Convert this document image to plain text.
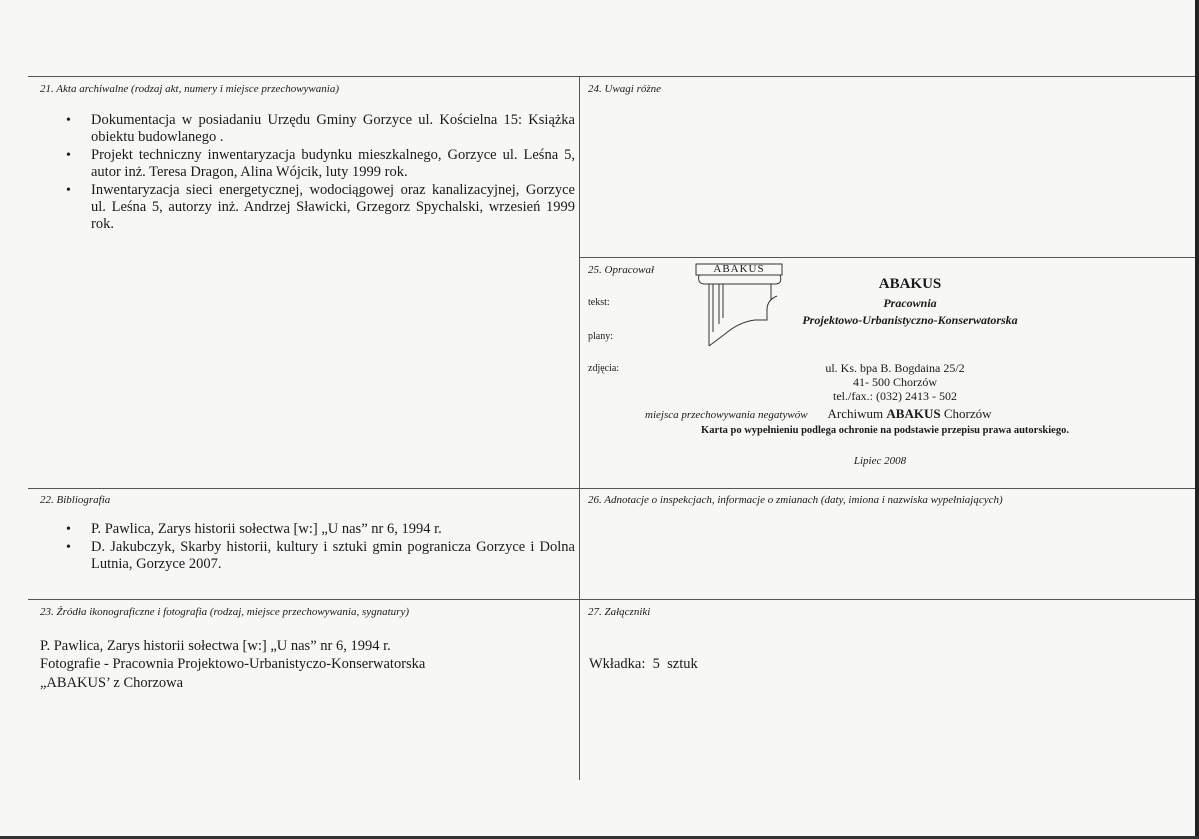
21. Akta archiwalne (rodzaj akt, numery i miejsce przechowywania)
• Dokumentacja w posiadaniu Urzędu Gminy Gorzyce ul. Kościelna 15: Książka obiektu budowlanego .
• Projekt techniczny inwentaryzacja budynku mieszkalnego, Gorzyce ul. Leśna 5, autor inż. Teresa Dragon, Alina Wójcik, luty 1999 rok.
• Inwentaryzacja sieci energetycznej, wodociągowej oraz kanalizacyjnej, Gorzyce ul. Leśna 5, autorzy inż. Andrzej Sławicki, Grzegorz Spychalski, wrzesień 1999 rok.
24. Uwagi różne
25. Opracował
tekst:
plany:
zdjęcia:
ABAKUS
ABAKUS
Pracownia
Projektowo-Urbanistyczno-Konserwatorska
ul. Ks. bpa B. Bogdaina 25/2
41- 500 Chorzów
tel./fax.: (032) 2413 - 502
miejsca przechowywania negatywów Archiwum ABAKUS Chorzów
Karta po wypełnieniu podlega ochronie na podstawie przepisu prawa autorskiego.
Lipiec 2008
22. Bibliografia
• P. Pawlica, Zarys historii sołectwa [w:] „U nas” nr 6, 1994 r.
• D. Jakubczyk, Skarby historii, kultury i sztuki gmin pogranicza Gorzyce i Dolna Lutnia, Gorzyce 2007.
26. Adnotacje o inspekcjach, informacje o zmianach (daty, imiona i nazwiska wypełniających)
23. Źródła ikonograficzne i fotografia (rodzaj, miejsce przechowywania, sygnatury)
P. Pawlica, Zarys historii sołectwa [w:] „U nas” nr 6, 1994 r.
Fotografie - Pracownia Projektowo-Urbanistyczo-Konserwatorska
„ABAKUS’ z Chorzowa
27. Załączniki
Wkładka:  5  sztuk
